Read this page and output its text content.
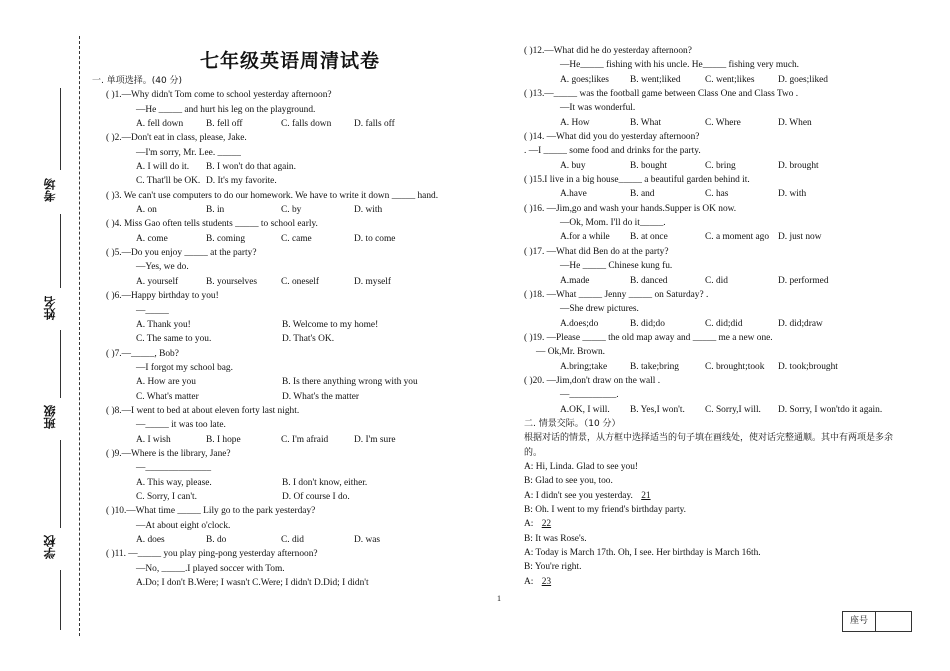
考场
姓名
班级
学校
七年级英语周清试卷
一. 单项选择。(40 分)
( )1.—Why didn't Tom come to school yesterday afternoon?
—He _____ and hurt his leg on the playground.
A. fell down B. fell off	C. falls down D. falls off
( )2.—Don't eat in class, please, Jake.
—I'm sorry, Mr. Lee. _____
A. I will do it. B. I won't do that again.
C. That'll be OK. D. It's my favorite.
( )3. We can't use computers to do our homework. We have to write it down _____ hand.
A. on	B. in	C. by	D. with
( )4. Miss Gao often tells students _____ to school early.
A. come	B. coming	C. came	D. to come
( )5.—Do you enjoy _____ at the party?
—Yes, we do.
A. yourself	B. yourselves	C. oneself	D. myself
( )6.—Happy birthday to you!
—_____
A. Thank you!	B. Welcome to my home!
C. The same to you.	D. That's OK.
( )7.—_____, Bob?
—I forgot my school bag.
A. How are you	B. Is there anything wrong with you
C. What's matter	D. What's the matter
( )8.—I went to bed at about eleven forty last night.
—_____ it was too late.
A. I wish	B. I hope	C. I'm afraid	D. I'm sure
( )9.—Where is the library, Jane?
—______________
A. This way, please.	B. I don't know, either.
C. Sorry, I can't.	D. Of course I do.
( )10.—What time _____ Lily go to the park yesterday?
—At about eight o'clock.
A. does	B. do	C. did	D. was
( )11. —_____ you play ping-pong yesterday afternoon?
—No, _____.I played soccer with Tom.
A.Do; I don't B.Were; I wasn't C.Were; I didn't D.Did; I didn't
( )12.—What did he do yesterday afternoon?
—He_____ fishing with his uncle. He_____ fishing very much.
A. goes;likes B. went;liked	C. went;likes	D. goes;liked
( )13.—_____ was the football game between Class One and Class Two .
—It was wonderful.
A. How	B. What	C. Where	D. When
( )14. —What did you do yesterday afternoon?
. —I _____ some food and drinks for the party.
A. buy	B. bought	C. bring	D. brought
( )15.I live in a big house_____ a beautiful garden behind it.
A.have	B. and	C. has	D. with
( )16. —Jim,go and wash your hands.Supper is OK now.
—Ok, Mom. I'll do it_____.
A.for a while B. at once	C. a moment ago D. just now
( )17. —What did Ben do at the party?
—He _____ Chinese kung fu.
A.made	B. danced	C. did	D. performed
( )18. —What _____ Jenny _____ on Saturday? .
—She drew pictures.
A.does;do	B. did;do	C. did;did	D. did;draw
( )19. —Please _____ the old map away and _____ me a new one.
— Ok,Mr. Brown.
A.bring;take B. take;bring	C. brought;took D. took;brought
( )20. —Jim,don't draw on the wall .
—__________.
A.OK, I will. B. Yes,I won't. C. Sorry,I will. D. Sorry, I won'tdo it again.
二. 情景交际。（10 分）
根据对话的情景，从方框中选择适当的句子填在画线处，使对话完整通顺。其中有两项是多余
的。
A: Hi, Linda. Glad to see you!
B: Glad to see you, too.
A: I didn't see you yesterday. 21
B: Oh. I went to my friend's birthday party.
A: 22
B: It was Rose's.
A: Today is March 17th. Oh, I see. Her birthday is March 16th.
B: You're right.
A: 23
1
座号
